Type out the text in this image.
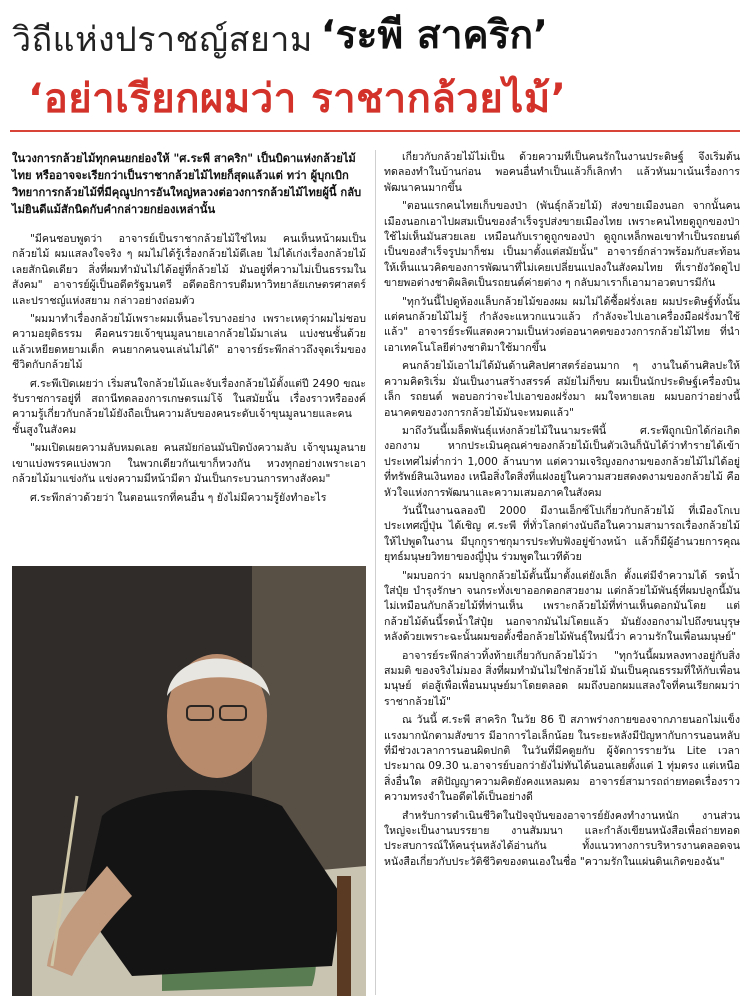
วิถีแห่งปราชญ์สยาม ‘ระพี สาคริก’
‘อย่าเรียกผมว่า ราชากล้วยไม้’
ในวงการกล้วยไม้ทุกคนยกย่องให้ "ศ.ระพี สาคริก" เป็นบิดาแห่งกล้วยไม้ไทย หรืออาจจะเรียกว่าเป็นราชากล้วยไม้ไทยก็สุดแล้วแต่ ทว่า ผู้บุกเบิกวิทยาการกล้วยไม้ที่มีคุณูปการอันใหญ่หลวงต่อวงการกล้วยไม้ไทยผู้นี้ กลับไม่ยินดีแม้สักนิดกับคำกล่าวยกย่องเหล่านั้น

"มีคนชอบพูดว่า อาจารย์เป็นราชากล้วยไม้ใช่ไหม คนเห็นหน้าผมเป็นกล้วยไม้ ผมแสลงใจจริง ๆ ผมไม่ได้รู้เรื่องกล้วยไม้ดีเลย ไม่ได้เก่งเรื่องกล้วยไม้เลยสักนิดเดียว สิ่งที่ผมทำมันไม่ได้อยู่ที่กล้วยไม้ มันอยู่ที่ความไม่เป็นธรรมในสังคม" อาจารย์ผู้เป็นอดีตรัฐมนตรี อดีตอธิการบดีมหาวิทยาลัยเกษตรศาสตร์ และปราชญ์แห่งสยาม กล่าวอย่างถ่อมตัว

"ผมมาทำเรื่องกล้วยไม้เพราะผมเห็นอะไรบางอย่าง เพราะเหตุว่าผมไม่ชอบความอยุติธรรม คือคนรวยเจ้าขุนมูลนายเอากล้วยไม้มาเล่น แบ่งชนชั้นด้วย แล้วเหยียดหยามเด็ก คนยากคนจนเล่นไม่ได้" อาจารย์ระพีกล่าวถึงจุดเริ่มของชีวิตกับกล้วยไม้

ศ.ระพีเปิดเผยว่า เริ่มสนใจกล้วยไม้และจับเรื่องกล้วยไม้ตั้งแต่ปี 2490 ขณะรับราชการอยู่ที่ สถานีทดลองการเกษตรแม่โจ้ ในสมัยนั้น เรื่องราวหรือองค์ความรู้เกี่ยวกับกล้วยไม้ยังถือเป็นความลับของคนระดับเจ้าขุนมูลนายและคนชั้นสูงในสังคม

"ผมเปิดเผยความลับหมดเลย คนสมัยก่อนมันปิดบังความลับ เจ้าขุนมูลนายเขาแบ่งพรรคแบ่งพวก ในพวกเดียวกันเขาก็หวงกัน หวงทุกอย่างเพราะเอากล้วยไม้มาแข่งกัน แข่งความมีหน้ามีตา มันเป็นกระบวนการทางสังคม"

ศ.ระพีกล่าวด้วยว่า ในตอนแรกที่คนอื่น ๆ ยังไม่มีความรู้ยังทำอะไร

เกี่ยวกับกล้วยไม้ไม่เป็น ด้วยความที่เป็นคนรักในงานประดิษฐ์ จึงเริ่มต้นทดลองทำในบ้านก่อน พอคนอื่นทำเป็นแล้วก็เลิกทำ แล้วหันมาเน้นเรื่องการพัฒนาคนมากขึ้น

"ตอนแรกคนไทยเก็บของป่า (พันธุ์กล้วยไม้) ส่งขายเมืองนอก จากนั้นคนเมืองนอกเอาไปผสมเป็นของลำเร็จรูปส่งขายเมืองไทย เพราะคนไทยดูถูกของป่าใช้ไม่เห็นมันสวยเลย เหมือนกับเราดูถูกของป่า ดูถูกเหล็กพอเขาทำเป็นรถยนต์ เป็นของสำเร็จรูปมาก็ชม เป็นมาตั้งแต่สมัยนั้น" อาจารย์กล่าวพร้อมกับสะท้อนให้เห็นแนวคิดของการพัฒนาที่ไม่เคยเปลี่ยนแปลงในสังคมไทย ที่เรายังวัดดูไปขายพอต่างชาติผลิตเป็นรถยนต์ค่ายต่าง ๆ กลับมาเราก็เอามาอวดบารมีกัน

"ทุกวันนี้ไปดูห้องแล็บกล้วยไม้ของผม ผมไม่ได้ซื้อฝรั่งเลย ผมประดิษฐ์ทั้งนั้น แต่คนกล้วยไม้ไม่รู้ กำลังจะแหวกแนวแล้ว กำลังจะไปเอาเครื่องมือฝรั่งมาใช้แล้ว" อาจารย์ระพีแสดงความเป็นห่วงต่ออนาคตของวงการกล้วยไม้ไทย ที่นำเอาเทคโนโลยีต่างชาติมาใช้มากขึ้น

คนกล้วยไม้เอาไม่ได้มันด้านศิลปศาสตร์อ่อนมาก ๆ งานในด้านศิลปะให้ความคิดริเริ่ม มันเป็นงานสร้างสรรค์ สมัยไม่ก็ขบ ผมเป็นนักประดิษฐ์เครื่องบินเล็ก รถยนต์ พอบอกว่าจะไปเอาของฝรั่งมา ผมใจหายเลย ผมบอกว่าอย่างนี้อนาคตของวงการกล้วยไม้มันจะหมดแล้ว"

มาถึงวันนี้เมล็ดพันธุ์แห่งกล้วยไม้ในนามระพีนี้ ศ.ระพีถูกเบิกได้ก่อเกิดงอกงาม หากประเมินคุณค่าของกล้วยไม้เป็นตัวเงินก็นับได้ว่าทำรายได้เข้าประเทศไม่ต่ำกว่า 1,000 ล้านบาท แต่ความเจริญงอกงามของกล้วยไม้ไม่ได้อยู่ที่ทรัพย์สินเงินทอง เหนือสิ่งใดสิ่งที่แฝงอยู่ในความสวยสดงดงามของกล้วยไม้ คือ หัวใจแห่งการพัฒนาและความเสมอภาคในสังคม

วันนี้ในงานฉลองปี 2000 มีงานเอ็กซ์โปเกี่ยวกับกล้วยไม้ ที่เมืองโกเบ ประเทศญี่ปุ่น ได้เชิญ ศ.ระพี ที่ทั่วโลกต่างนับถือในความสามารถเรื่องกล้วยไม้ ให้ไปพูดในงาน มีบุกกูราชกุมารประทับฟังอยู่ข้างหน้า แล้วก็มีผู้อำนวยการคุณยุทธ์มนุษยวิทยาของญี่ปุ่น ร่วมพูดในเวทีด้วย

"ผมบอกว่า ผมปลูกกล้วยไม้ตั้นนี้มาตั้งแต่ยังเล็ก ตั้งแต่มีจำความได้ รดน้ำ ใส่ปุ๋ย บำรุงรักษา จนกระทั่งเขาออกดอกสวยงาม แต่กล้วยไม้พันธุ์ที่ผมปลูกนี้มันไม่เหมือนกับกล้วยไม้ที่ท่านเห็น เพราะกล้วยไม้ที่ท่านเห็นดอกมันโตย แต่กล้วยไม้ต้นนี้รดน้ำใส่ปุ๋ย นอกจากมันไม่โตยแล้ว มันยังงอกงามไปถึงขนบุรุษหลังด้วยเพราะฉะนั้นผมขอตั้งชื่อกล้วยไม้พันธุ์ใหม่นี้ว่า ความรักในเพื่อนมนุษย์"

อาจารย์ระพีกล่าวทิ้งท้ายเกี่ยวกับกล้วยไม้ว่า "ทุกวันนี้ผมหลงทางอยู่กับสิ่งสมมติ ของจริงไม่มอง สิ่งที่ผมทำมันไม่ใช่กล้วยไม้ มันเป็นคุณธรรมที่ให้กับเพื่อนมนุษย์ ต่อสู้เพื่อเพื่อนมนุษย์มาโดยตลอด ผมถึงบอกผมแสลงใจที่คนเรียกผมว่า ราชากล้วยไม้"

ณ วันนี้ ศ.ระพี สาคริก ในวัย 86 ปี สภาพร่างกายของจากภายนอกไม่แข็งแรงมากนักตามสังขาร มีอาการไอเล็กน้อย ในระยะหลังมีปัญหากับการนอนหลับที่มีช่วงเวลาการนอนผิดปกติ ในวันที่มีคดูยกับ ผู้จัดการรายวัน Lite เวลาประมาณ 09.30 น.อาจารย์บอกว่ายังไม่ทันได้นอนเลยตั้งแต่ 1 ทุ่มตรง แต่เหนือสิ่งอื่นใด สติปัญญาความคิดยังคงแหลมคม อาจารย์สามารถถ่ายทอดเรื่องราวความทรงจำในอดีตได้เป็นอย่างดี

สำหรับการดำเนินชีวิตในปัจจุบันของอาจารย์ยังคงทำงานหนัก งานส่วนใหญ่จะเป็นงานบรรยาย งานสัมมนา และกำลังเขียนหนังสือเพื่อถ่ายทอดประสบการณ์ให้คนรุ่นหลังได้อ่านกัน ทั้งแนวทางการบริหารงานตลอดจนหนังสือเกี่ยวกับประวัติชีวิตของตนเองในชื่อ "ความรักในแผ่นดินเกิดของฉัน"
